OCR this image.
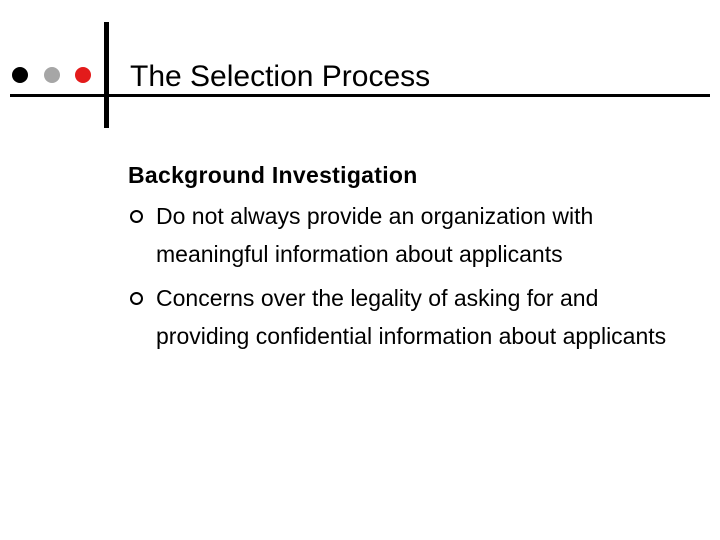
The Selection Process
Background Investigation
Do not always provide an organization with meaningful information about applicants
Concerns over the legality of asking for and providing confidential information about applicants
